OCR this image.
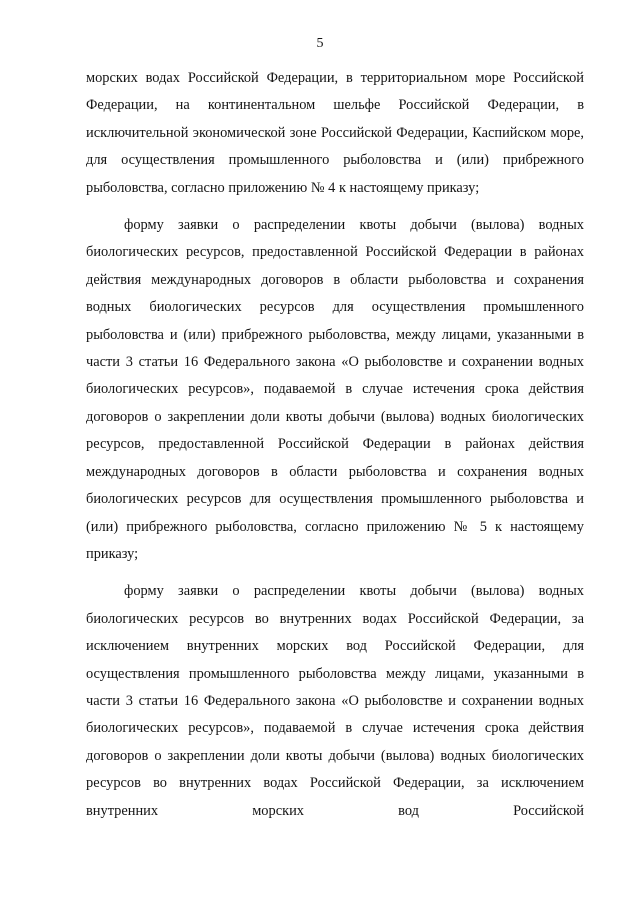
5

морских водах Российской Федерации, в территориальном море Российской Федерации, на континентальном шельфе Российской Федерации, в исключительной экономической зоне Российской Федерации, Каспийском море, для осуществления промышленного рыболовства и (или) прибрежного рыболовства, согласно приложению № 4 к настоящему приказу;

форму заявки о распределении квоты добычи (вылова) водных биологических ресурсов, предоставленной Российской Федерации в районах действия международных договоров в области рыболовства и сохранения водных биологических ресурсов для осуществления промышленного рыболовства и (или) прибрежного рыболовства, между лицами, указанными в части 3 статьи 16 Федерального закона «О рыболовстве и сохранении водных биологических ресурсов», подаваемой в случае истечения срока действия договоров о закреплении доли квоты добычи (вылова) водных биологических ресурсов, предоставленной Российской Федерации в районах действия международных договоров в области рыболовства и сохранения водных биологических ресурсов для осуществления промышленного рыболовства и (или) прибрежного рыболовства, согласно приложению № 5 к настоящему приказу;

форму заявки о распределении квоты добычи (вылова) водных биологических ресурсов во внутренних водах Российской Федерации, за исключением внутренних морских вод Российской Федерации, для осуществления промышленного рыболовства между лицами, указанными в части 3 статьи 16 Федерального закона «О рыболовстве и сохранении водных биологических ресурсов», подаваемой в случае истечения срока действия договоров о закреплении доли квоты добычи (вылова) водных биологических ресурсов во внутренних водах Российской Федерации, за исключением внутренних морских вод Российской
